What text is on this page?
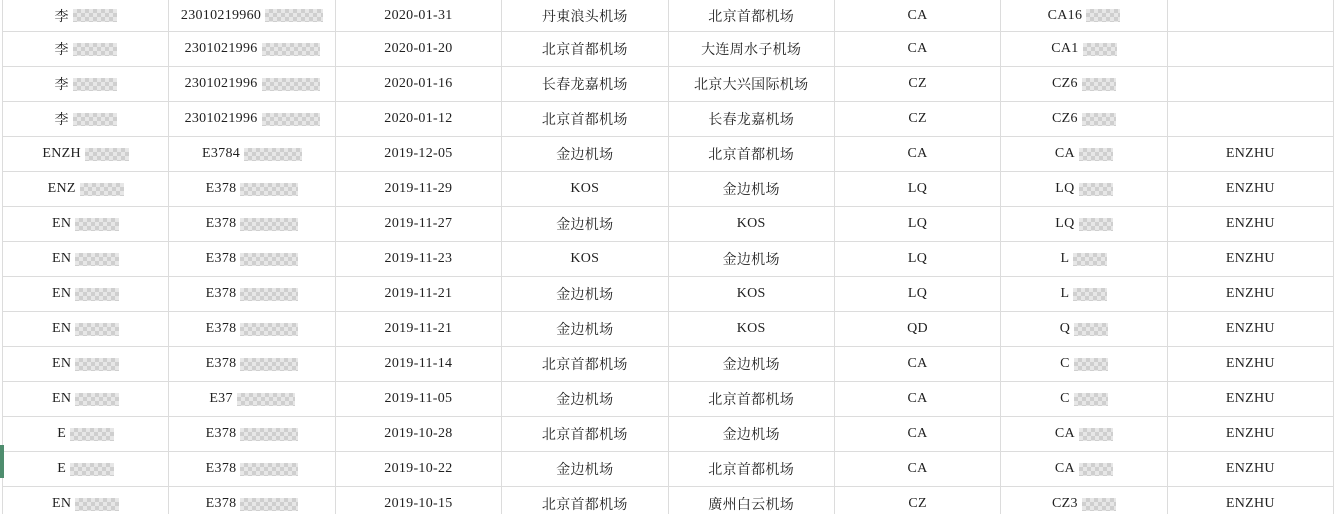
李	23010219960	2020-01-31	丹東浪头机场	北京首都机场	CA	CA16
李	2301021996	2020-01-20	北京首都机场	大连周水子机场	CA	CA1
李	2301021996	2020-01-16	长春龙嘉机场	北京大兴国际机场	CZ	CZ6
李	2301021996	2020-01-12	北京首都机场	长春龙嘉机场	CZ	CZ6
ENZH	E3784	2019-12-05	金边机场	北京首都机场	CA	CA	ENZHU
ENZ	E378	2019-11-29	KOS	金边机场	LQ	LQ	ENZHU
EN	E378	2019-11-27	金边机场	KOS	LQ	LQ	ENZHU
EN	E378	2019-11-23	KOS	金边机场	LQ	L	ENZHU
EN	E378	2019-11-21	金边机场	KOS	LQ	L	ENZHU
EN	E378	2019-11-21	金边机场	KOS	QD	Q	ENZHU
EN	E378	2019-11-14	北京首都机场	金边机场	CA	C	ENZHU
EN	E37	2019-11-05	金边机场	北京首都机场	CA	C	ENZHU
E	E378	2019-10-28	北京首都机场	金边机场	CA	CA	ENZHU
E	E378	2019-10-22	金边机场	北京首都机场	CA	CA	ENZHU
EN	E378	2019-10-15	北京首都机场	廣州白云机场	CZ	CZ3	ENZHU
